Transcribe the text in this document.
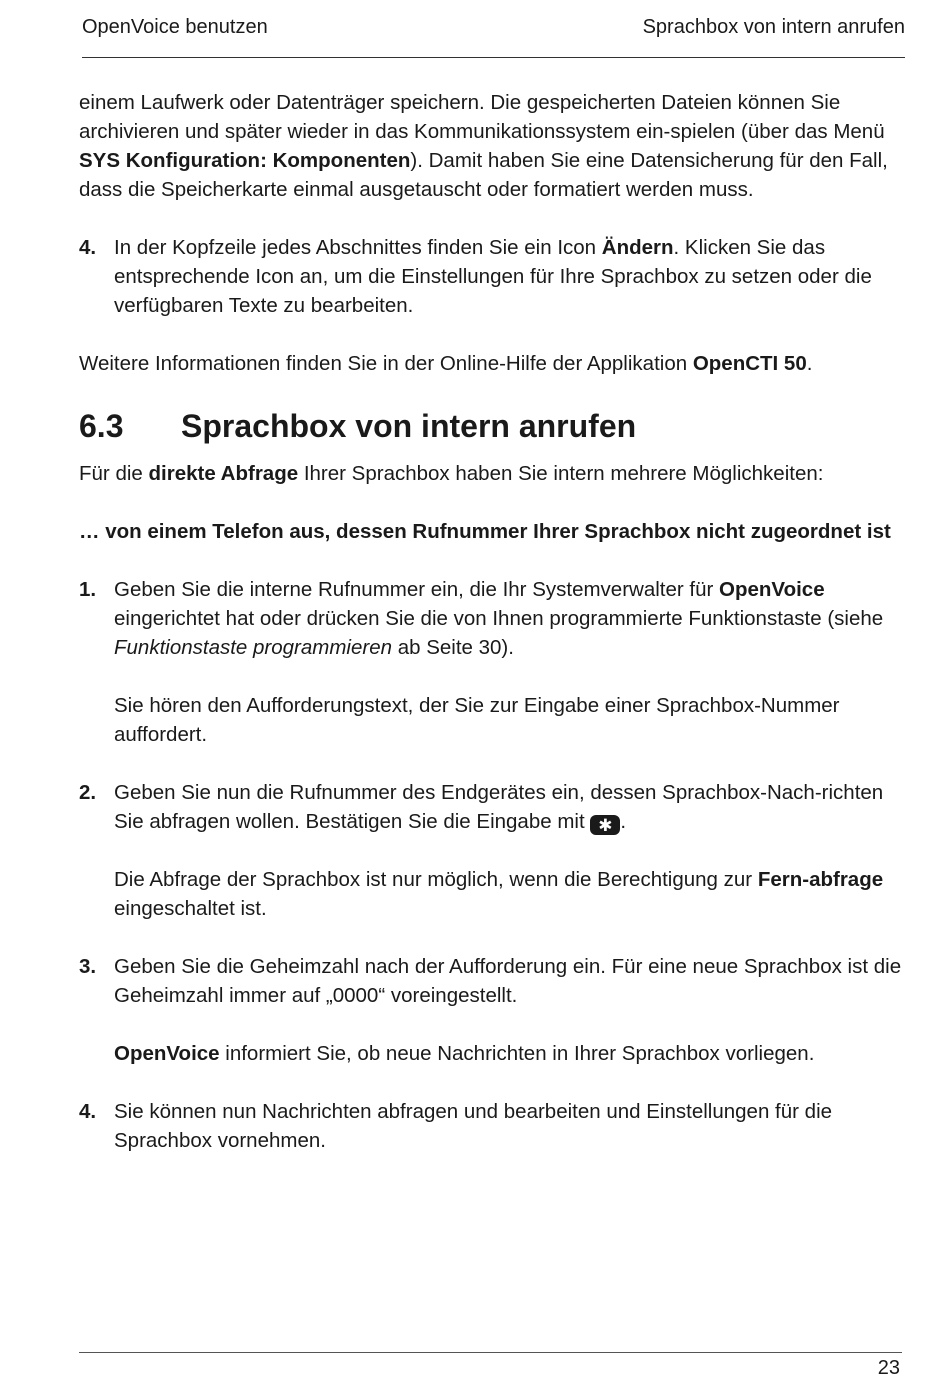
OpenVoice benutzen	Sprachbox von intern anrufen

einem Laufwerk oder Datenträger speichern. Die gespeicherten Dateien können Sie archivieren und später wieder in das Kommunikationssystem ein-spielen (über das Menü SYS Konfiguration: Komponenten). Damit haben Sie eine Datensicherung für den Fall, dass die Speicherkarte einmal ausgetauscht oder formatiert werden muss.

4. In der Kopfzeile jedes Abschnittes finden Sie ein Icon Ändern. Klicken Sie das entsprechende Icon an, um die Einstellungen für Ihre Sprachbox zu setzen oder die verfügbaren Texte zu bearbeiten.

Weitere Informationen finden Sie in der Online-Hilfe der Applikation OpenCTI 50.

6.3 Sprachbox von intern anrufen

Für die direkte Abfrage Ihrer Sprachbox haben Sie intern mehrere Möglichkeiten:

… von einem Telefon aus, dessen Rufnummer Ihrer Sprachbox nicht zugeordnet ist

1. Geben Sie die interne Rufnummer ein, die Ihr Systemverwalter für OpenVoice eingerichtet hat oder drücken Sie die von Ihnen programmierte Funktionstaste (siehe Funktionstaste programmieren ab Seite 30).

Sie hören den Aufforderungstext, der Sie zur Eingabe einer Sprachbox-Nummer auffordert.

2. Geben Sie nun die Rufnummer des Endgerätes ein, dessen Sprachbox-Nach-richten Sie abfragen wollen. Bestätigen Sie die Eingabe mit ✱ .

Die Abfrage der Sprachbox ist nur möglich, wenn die Berechtigung zur Fern-abfrage eingeschaltet ist.

3. Geben Sie die Geheimzahl nach der Aufforderung ein. Für eine neue Sprachbox ist die Geheimzahl immer auf „0000“ voreingestellt.

OpenVoice informiert Sie, ob neue Nachrichten in Ihrer Sprachbox vorliegen.

4. Sie können nun Nachrichten abfragen und bearbeiten und Einstellungen für die Sprachbox vornehmen.

23
